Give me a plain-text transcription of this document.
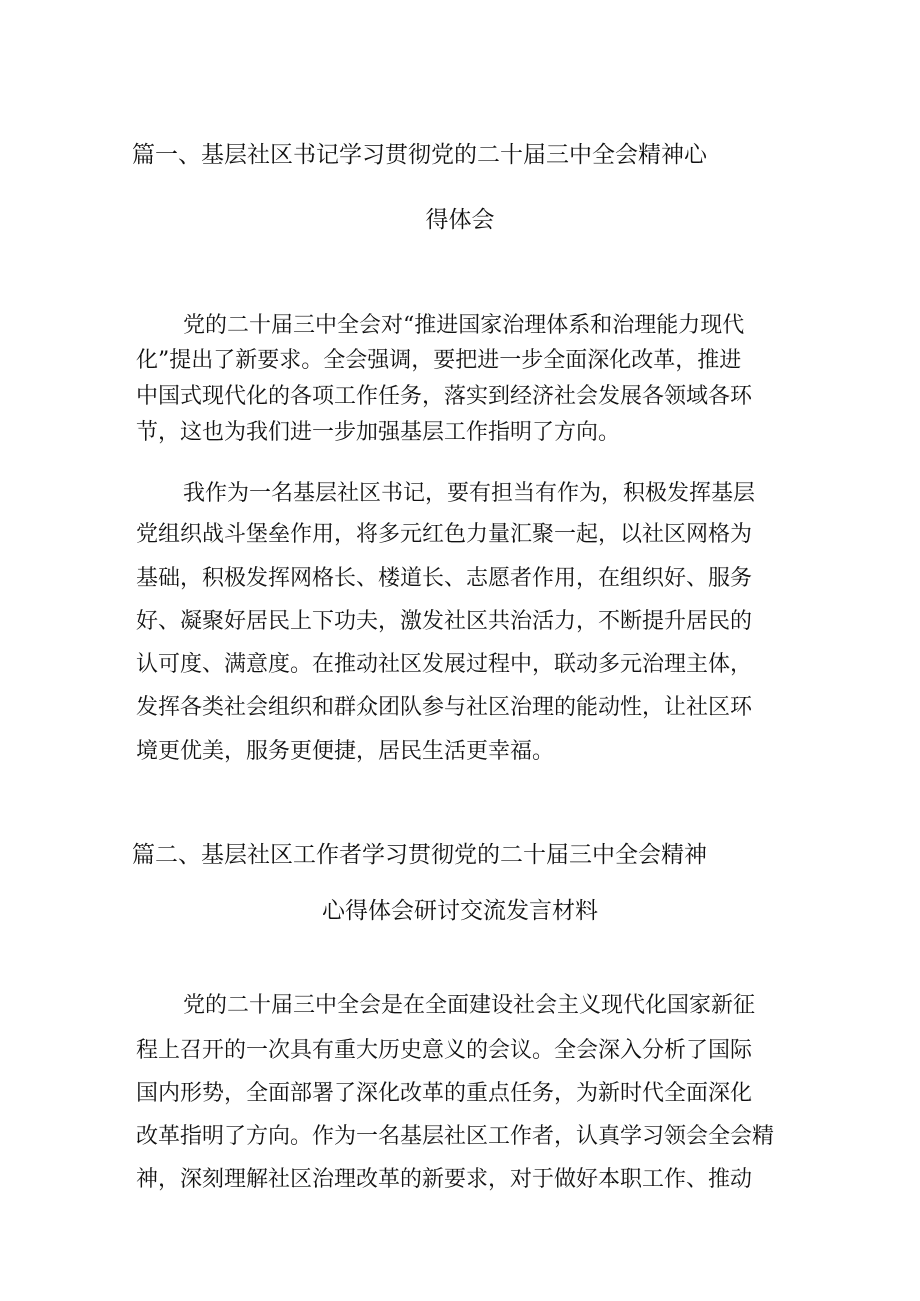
篇一、基层社区书记学习贯彻党的二十届三中全会精神心
得体会
党的二十届三中全会对“推进国家治理体系和治理能力现代
化”提出了新要求。全会强调，要把进一步全面深化改革，推进
中国式现代化的各项工作任务，落实到经济社会发展各领域各环
节，这也为我们进一步加强基层工作指明了方向。
我作为一名基层社区书记，要有担当有作为，积极发挥基层
党组织战斗堡垒作用，将多元红色力量汇聚一起，以社区网格为
基础，积极发挥网格长、楼道长、志愿者作用，在组织好、服务
好、凝聚好居民上下功夫，激发社区共治活力，不断提升居民的
认可度、满意度。在推动社区发展过程中，联动多元治理主体，
发挥各类社会组织和群众团队参与社区治理的能动性，让社区环
境更优美，服务更便捷，居民生活更幸福。
篇二、基层社区工作者学习贯彻党的二十届三中全会精神
心得体会研讨交流发言材料
党的二十届三中全会是在全面建设社会主义现代化国家新征
程上召开的一次具有重大历史意义的会议。全会深入分析了国际
国内形势，全面部署了深化改革的重点任务，为新时代全面深化
改革指明了方向。作为一名基层社区工作者，认真学习领会全会精
神，深刻理解社区治理改革的新要求，对于做好本职工作、推动
